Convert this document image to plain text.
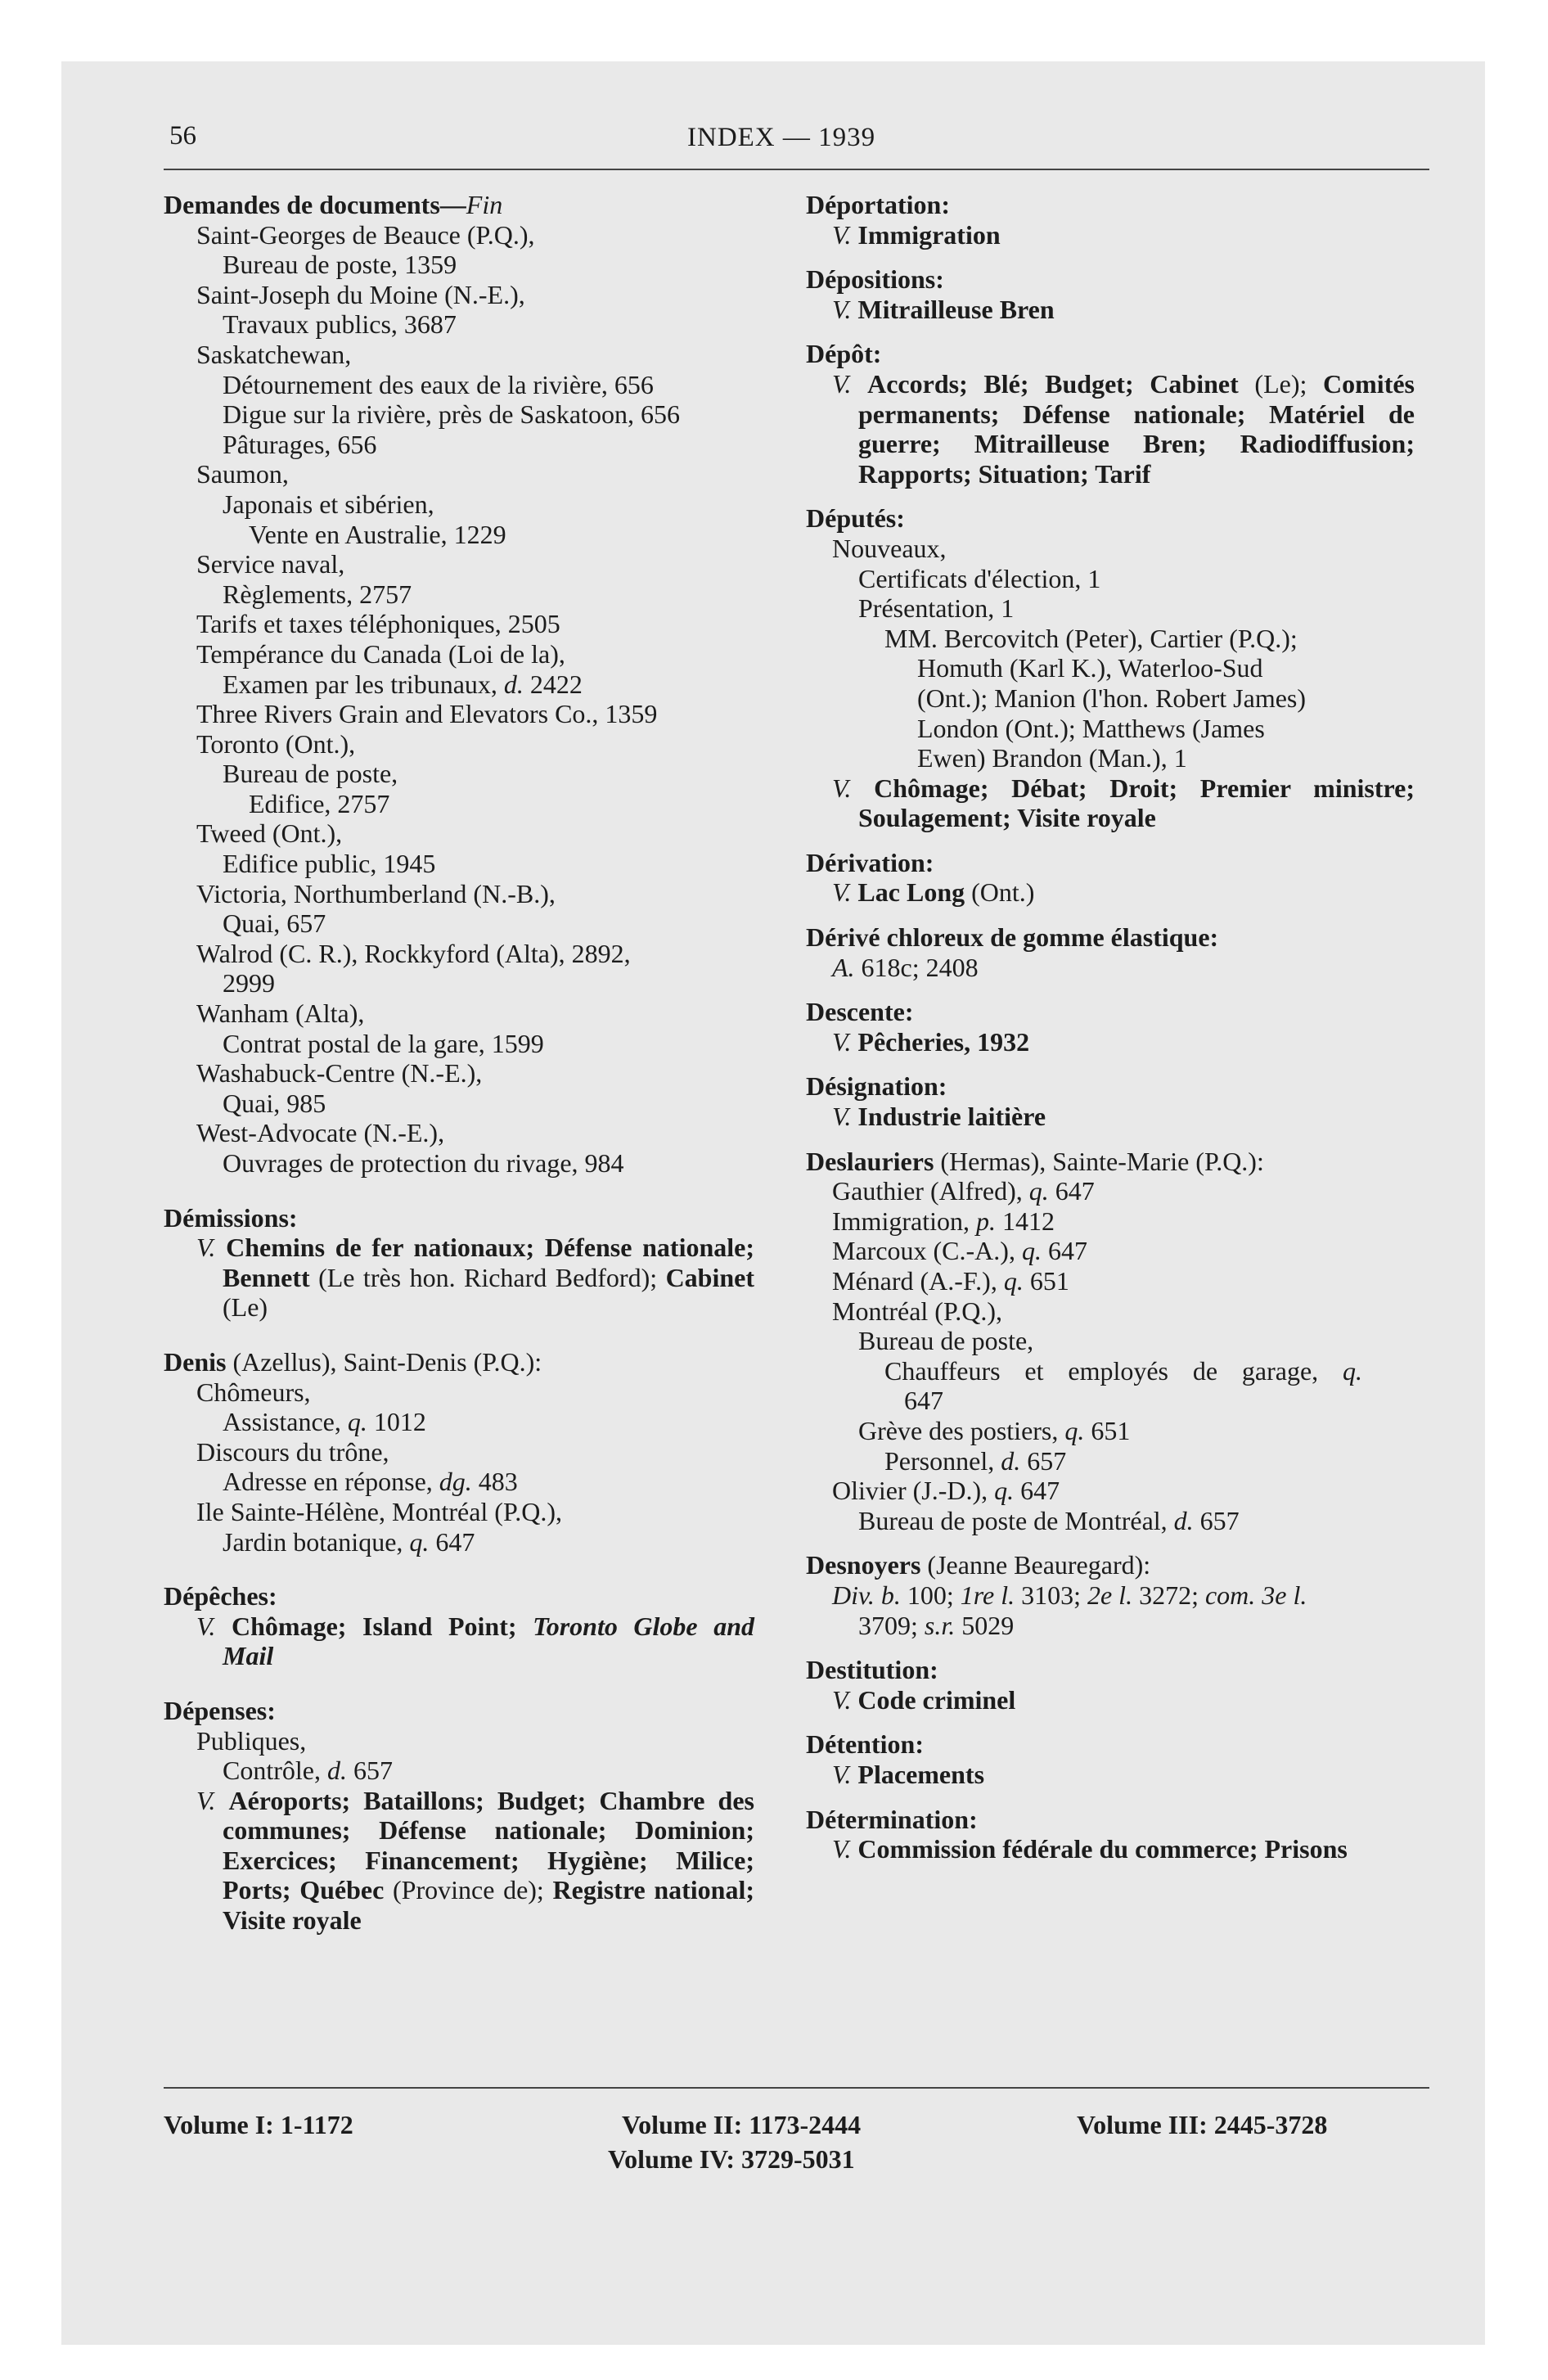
56	INDEX — 1939
Demandes de documents—Fin
Saint-Georges de Beauce (P.Q.),
Bureau de poste, 1359
Saint-Joseph du Moine (N.-E.),
Travaux publics, 3687
Saskatchewan,
Détournement des eaux de la rivière, 656
Digue sur la rivière, près de Saskatoon, 656
Pâturages, 656
Saumon,
Japonais et sibérien,
Vente en Australie, 1229
Service naval,
Règlements, 2757
Tarifs et taxes téléphoniques, 2505
Tempérance du Canada (Loi de la),
Examen par les tribunaux, d. 2422
Three Rivers Grain and Elevators Co., 1359
Toronto (Ont.),
Bureau de poste,
Edifice, 2757
Tweed (Ont.),
Edifice public, 1945
Victoria, Northumberland (N.-B.),
Quai, 657
Walrod (C. R.), Rockkyford (Alta), 2892,
2999
Wanham (Alta),
Contrat postal de la gare, 1599
Washabuck-Centre (N.-E.),
Quai, 985
West-Advocate (N.-E.),
Ouvrages de protection du rivage, 984
Démissions:
V. Chemins de fer nationaux; Défense nationale; Bennett (Le très hon. Richard Bedford); Cabinet (Le)
Denis (Azellus), Saint-Denis (P.Q.):
Chômeurs,
Assistance, q. 1012
Discours du trône,
Adresse en réponse, dg. 483
Ile Sainte-Hélène, Montréal (P.Q.),
Jardin botanique, q. 647
Dépêches:
V. Chômage; Island Point; Toronto Globe and Mail
Dépenses:
Publiques,
Contrôle, d. 657
V. Aéroports; Bataillons; Budget; Chambre des communes; Défense nationale; Dominion; Exercices; Financement; Hygiène; Milice; Ports; Québec (Province de); Registre national; Visite royale
Déportation:
V. Immigration
Dépositions:
V. Mitrailleuse Bren
Dépôt:
V. Accords; Blé; Budget; Cabinet (Le); Comités permanents; Défense nationale; Matériel de guerre; Mitrailleuse Bren; Radiodiffusion; Rapports; Situation; Tarif
Députés:
Nouveaux,
Certificats d'élection, 1
Présentation, 1
MM. Bercovitch (Peter), Cartier (P.Q.);
Homuth (Karl K.), Waterloo-Sud
(Ont.); Manion (l'hon. Robert James)
London (Ont.); Matthews (James
Ewen) Brandon (Man.), 1
V. Chômage; Débat; Droit; Premier ministre; Soulagement; Visite royale
Dérivation:
V. Lac Long (Ont.)
Dérivé chloreux de gomme élastique:
A. 618c; 2408
Descente:
V. Pêcheries, 1932
Désignation:
V. Industrie laitière
Deslauriers (Hermas), Sainte-Marie (P.Q.):
Gauthier (Alfred), q. 647
Immigration, p. 1412
Marcoux (C.-A.), q. 647
Ménard (A.-F.), q. 651
Montréal (P.Q.),
Bureau de poste,
Chauffeurs et employés de garage, q.
647
Grève des postiers, q. 651
Personnel, d. 657
Olivier (J.-D.), q. 647
Bureau de poste de Montréal, d. 657
Desnoyers (Jeanne Beauregard):
Div. b. 100; 1re l. 3103; 2e l. 3272; com. 3e l.
3709; s.r. 5029
Destitution:
V. Code criminel
Détention:
V. Placements
Détermination:
V. Commission fédérale du commerce; Prisons
Volume I: 1-1172	Volume II: 1173-2444	Volume III: 2445-3728
Volume IV: 3729-5031
